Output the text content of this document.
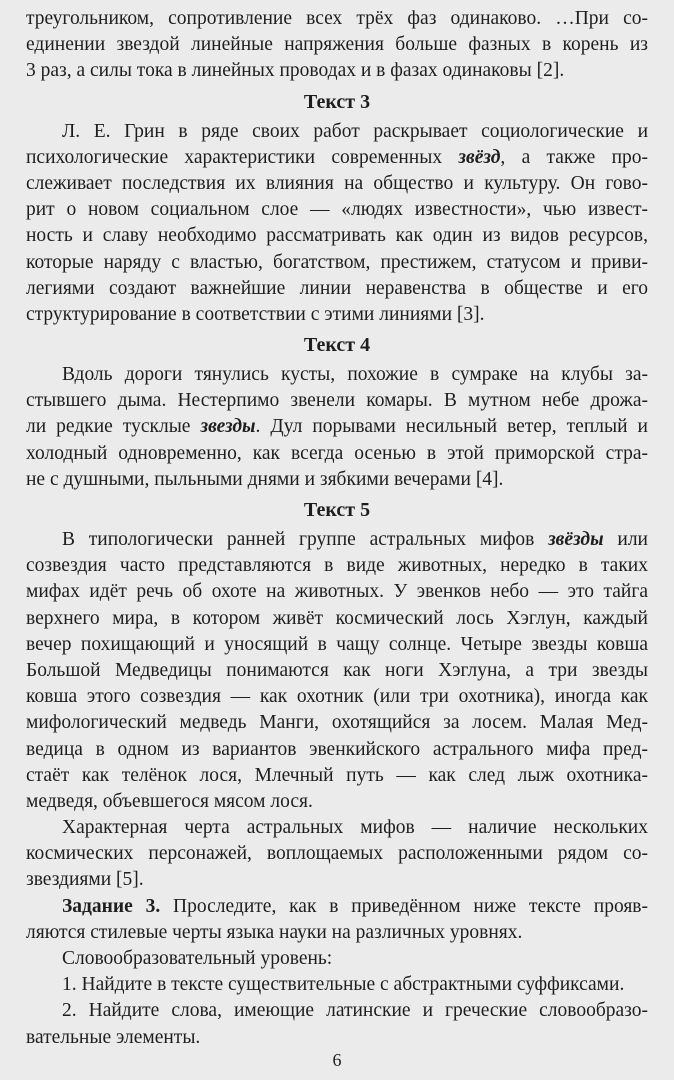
треугольником, сопротивление всех трёх фаз одинаково. …При со-
единении звездой линейные напряжения больше фазных в корень из
3 раз, а силы тока в линейных проводах и в фазах одинаковы [2].
Текст 3
Л. Е. Грин в ряде своих работ раскрывает социологические и
психологические характеристики современных звёзд, а также про-
слеживает последствия их влияния на общество и культуру. Он гово-
рит о новом социальном слое — «людях известности», чью извест-
ность и славу необходимо рассматривать как один из видов ресурсов,
которые наряду с властью, богатством, престижем, статусом и приви-
легиями создают важнейшие линии неравенства в обществе и его
структурирование в соответствии с этими линиями [3].
Текст 4
Вдоль дороги тянулись кусты, похожие в сумраке на клубы за-
стывшего дыма. Нестерпимо звенели комары. В мутном небе дрожа-
ли редкие тусклые звезды. Дул порывами несильный ветер, теплый и
холодный одновременно, как всегда осенью в этой приморской стра-
не с душными, пыльными днями и зябкими вечерами [4].
Текст 5
В типологически ранней группе астральных мифов звёзды или
созвездия часто представляются в виде животных, нередко в таких
мифах идёт речь об охоте на животных. У эвенков небо — это тайга
верхнего мира, в котором живёт космический лось Хэглун, каждый
вечер похищающий и уносящий в чащу солнце. Четыре звезды ковша
Большой Медведицы понимаются как ноги Хэглуна, а три звезды
ковша этого созвездия — как охотник (или три охотника), иногда как
мифологический медведь Манги, охотящийся за лосем. Малая Мед-
ведица в одном из вариантов эвенкийского астрального мифа пред-
стаёт как телёнок лося, Млечный путь — как след лыж охотника-
медведя, объевшегося мясом лося.
Характерная черта астральных мифов — наличие нескольких
космических персонажей, воплощаемых расположенными рядом со-
звездиями [5].
Задание 3. Проследите, как в приведённом ниже тексте прояв-
ляются стилевые черты языка науки на различных уровнях.
Словообразовательный уровень:
1. Найдите в тексте существительные с абстрактными суффиксами.
2. Найдите слова, имеющие латинские и греческие словообразо-
вательные элементы.
6
